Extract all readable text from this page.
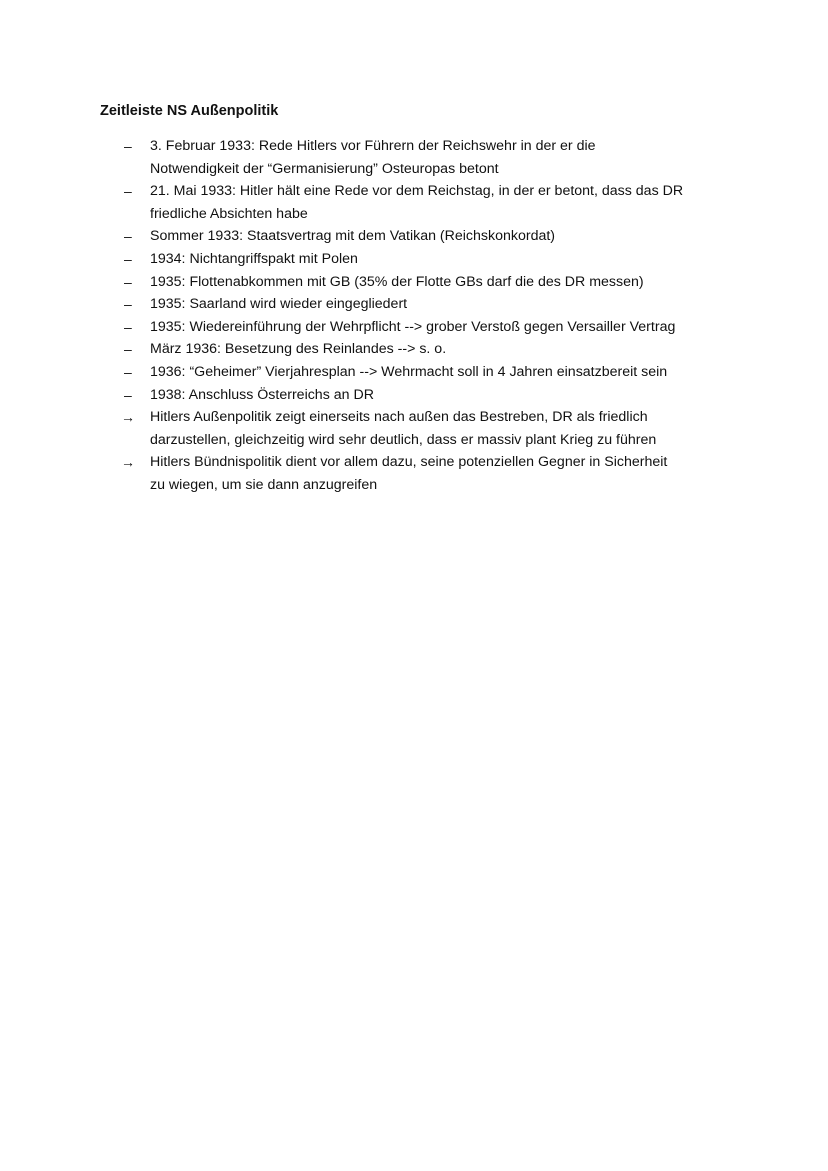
Zeitleiste NS Außenpolitik
–	3. Februar 1933: Rede Hitlers vor Führern der Reichswehr in der er die
Notwendigkeit der “Germanisierung” Osteuropas betont
–	21. Mai 1933: Hitler hält eine Rede vor dem Reichstag, in der er betont, dass das DR
friedliche Absichten habe
–	Sommer 1933: Staatsvertrag mit dem Vatikan (Reichskonkordat)
–	1934: Nichtangriffspakt mit Polen
–	1935: Flottenabkommen mit GB (35% der Flotte GBs darf die des DR messen)
–	1935: Saarland wird wieder eingegliedert
–	1935: Wiedereinführung der Wehrpflicht --> grober Verstoß gegen Versailler Vertrag
–	März 1936: Besetzung des Reinlandes --> s. o.
–	1936: “Geheimer” Vierjahresplan --> Wehrmacht soll in 4 Jahren einsatzbereit sein
–	1938: Anschluss Österreichs an DR
→	Hitlers Außenpolitik zeigt einerseits nach außen das Bestreben, DR als friedlich
darzustellen, gleichzeitig wird sehr deutlich, dass er massiv plant Krieg zu führen
→	Hitlers Bündnispolitik dient vor allem dazu, seine potenziellen Gegner in Sicherheit
zu wiegen, um sie dann anzugreifen
